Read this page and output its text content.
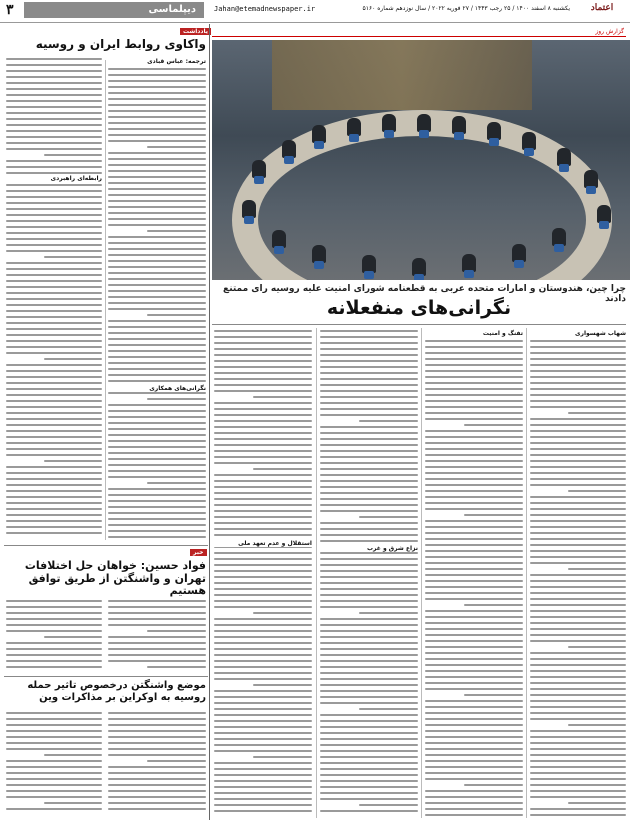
۳	دیپلماسی	Jahan@etemadnewspaper.ir	یکشنبه ۸ اسفند ۱۴۰۰ / ۲۵ رجب ۱۴۴۳ / ۲۷ فوریه ۲۰۲۲ / سال نوزدهم شماره ۵۱۶۰	اعتماد
یادداشت
واکاوی روابط ایران و روسیه
ترجمه: عباس قبادی
رابطه‌ای راهبردی
نگرانی‌های همکاری
خبر
فواد حسین: خواهان حل اختلافات تهران و واشنگتن از طریق توافق هستیم
موضع واشنگتن درخصوص تاثیر حمله روسیه به اوکراین بر مذاکرات وین
گزارش روز
چرا چین، هندوستان و امارات متحده عربی به قطعنامه شورای امنیت علیه روسیه رای ممتنع دادند
نگرانی‌های منفعلانه
شهاب شهسواری
تفنگ و امنیت
نزاع شرق و غرب
استقلال و عدم تعهد ملی
